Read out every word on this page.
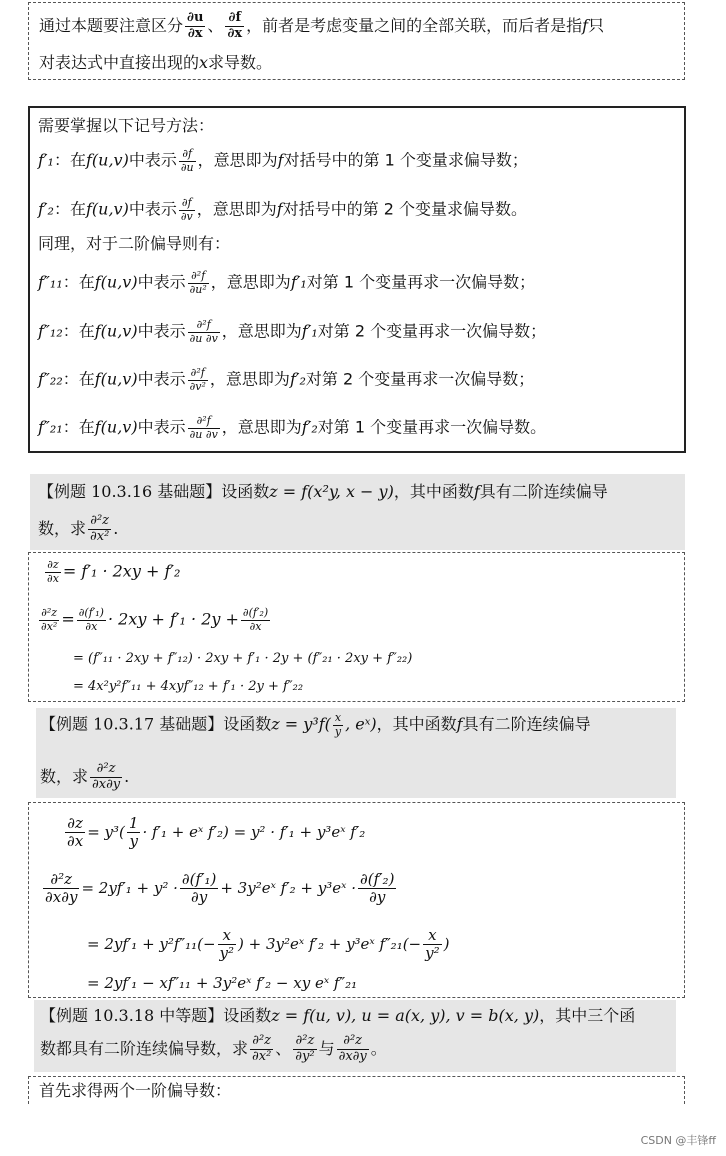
通过本题要注意区分 $\frac{\partial u}{\partial x}$ 、 $\frac{\partial f}{\partial x}$ ，前者是考虑变量之间的全部关联，而后者是指f只
对表达式中直接出现的x求导数。
需要掌握以下记号方法：
f′₁：在f(u,v)中表示 $\frac{\partial f}{\partial u}$ ，意思即为f对括号中的第 1 个变量求偏导数；
f′₂：在f(u,v)中表示 $\frac{\partial f}{\partial v}$ ，意思即为f对括号中的第 2 个变量求偏导数。
同理，对于二阶偏导则有：
f″₁₁：在f(u,v)中表示 $\frac{\text{∂²f}}{\text{∂u²}}$ ，意思即为f′₁对第 1 个变量再求一次偏导数；
f″₁₂：在f(u,v)中表示 $\frac{\text{∂²f}}{\partial u \partial v}$ ，意思即为f′₁对第 2 个变量再求一次偏导数；
f″₂₂：在f(u,v)中表示 $\frac{\text{∂²f}}{\text{∂v²}}$ ，意思即为f′₂对第 2 个变量再求一次偏导数；
f″₂₁：在f(u,v)中表示 $\frac{\text{∂²f}}{\partial u \partial v}$ ，意思即为f′₂对第 1 个变量再求一次偏导数。
【例题 10.3.16 基础题】设函数z = f(x²y, x − y)，其中函数f具有二阶连续偏导
数，求 $\frac{\text{∂²z}}{\text{∂x²}}$ .
$\frac{\partial z}{\partial x} = f'_1 \cdot 2xy + f'_2$
$\frac{\text{∂²z}}{\text{∂x²}} = \frac{\text{∂(f′₁)}}{\partial x} \cdot 2xy + f'_1 \cdot 2y + \frac{\text{∂(f′₂)}}{\partial x}$
= (f″₁₁ · 2xy + f″₁₂) · 2xy + f′₁ · 2y + (f″₂₁ · 2xy + f″₂₂)
= 4x²y²f″₁₁ + 4xyf″₁₂ + f′₁ · 2y + f″₂₂
【例题 10.3.17 基础题】设函数$z = y^3f( \frac{x}{y}$ , eˣ)，其中函数f具有二阶连续偏导
数，求 $\frac{\text{∂²z}}{\partial x\partial y}$ .
$\frac{\partial z}{\partial x} = y^3( \frac{1}{y} \cdot f'_1$ + eˣ f′₂) = y² · f′₁ + y³eˣ f′₂
$\frac{\text{∂²z}}{\partial x\partial y} = 2yf'_1 + y^2 \cdot \frac{\text{∂(f′₁)}}{\partial y}$ + 3y²eˣ f′₂ + y³eˣ · $\frac{\text{∂(f′₂)}}{\partial y}$
= $2yf'_1 + y^2f''_{11}(- \frac{x}{\text{y²}}$ ) + 3y²eˣ f′₂ + y³eˣ $f''_{21}(- \frac{x}{\text{y²}}$ )
= 2yf′₁ − xf″₁₁ + 3y²eˣ f′₂ − xy eˣ f″₂₁
【例题 10.3.18 中等题】设函数z = f(u, v), u = a(x, y), v = b(x, y)，其中三个函
数都具有二阶连续偏导数，求 $\frac{\text{∂²z}}{\text{∂x²}}$ 、 $\frac{\text{∂²z}}{\text{∂y²}}$ 与 $\frac{\text{∂²z}}{\partial x\partial y}$ 。
首先求得两个一阶偏导数：
CSDN @丰锋ff
